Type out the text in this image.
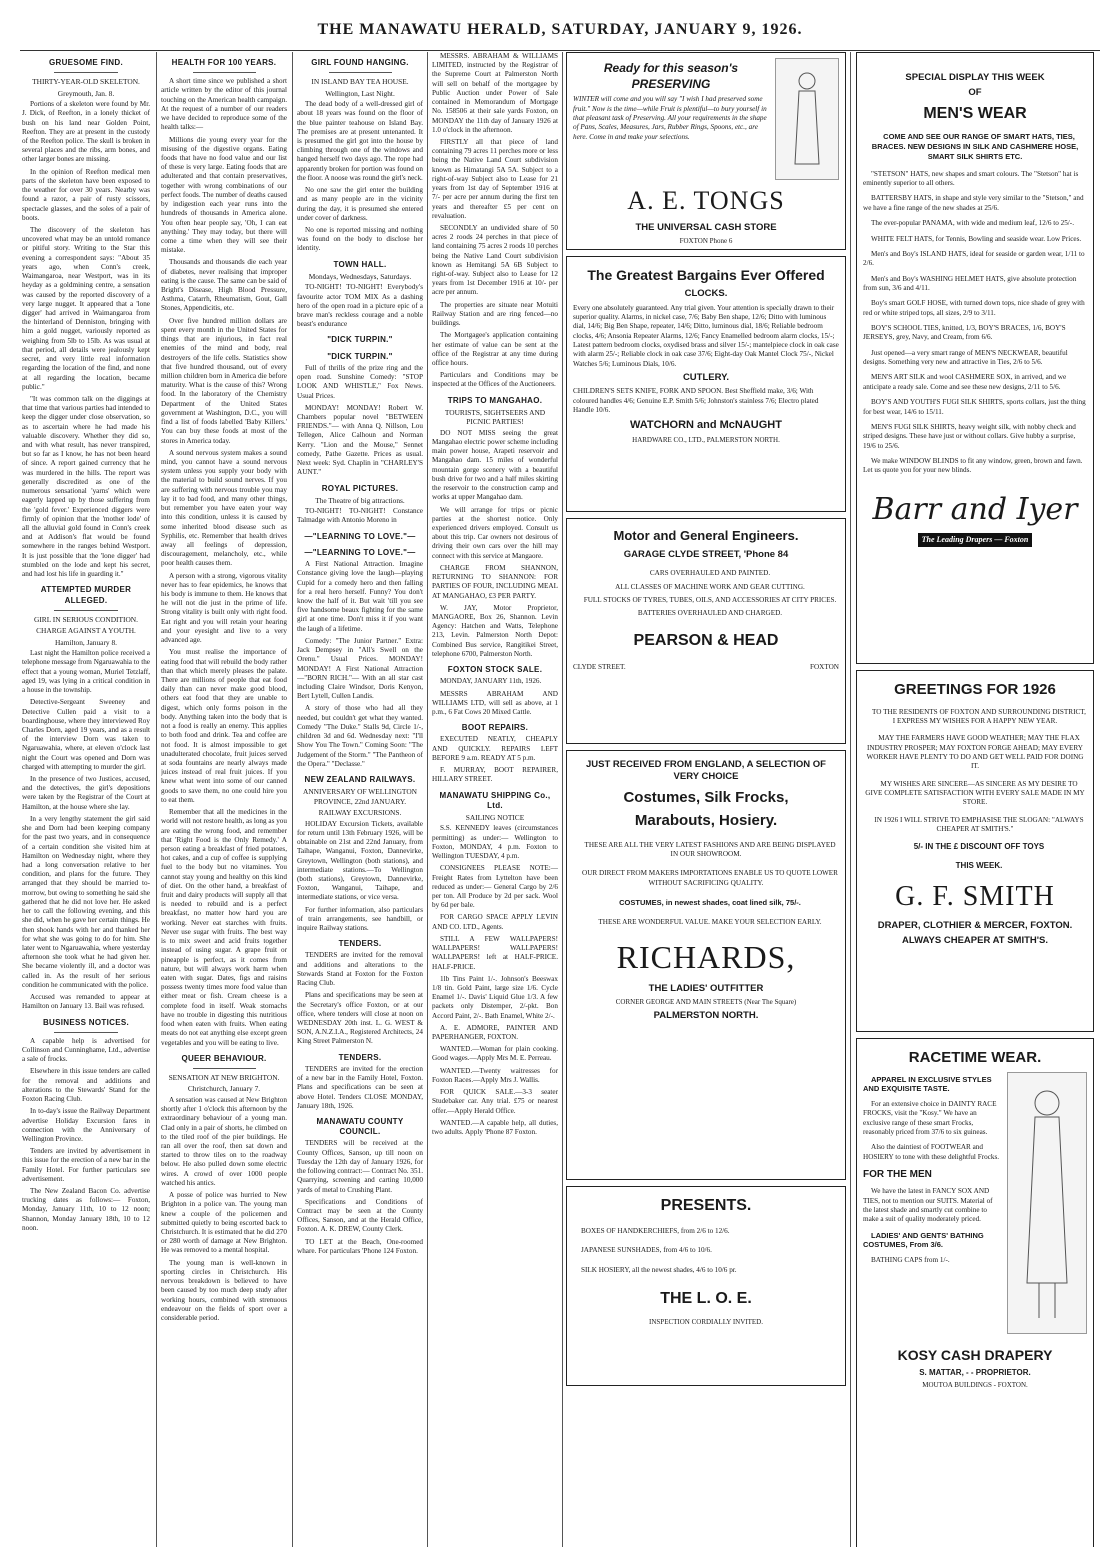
THE MANAWATU HERALD, SATURDAY, JANUARY 9, 1926.
GRUESOME FIND.
THIRTY-YEAR-OLD SKELETON.
Greymouth, Jan. 8.

Portions of a skeleton were found by Mr. J. Dick, of Reefton, in a lonely thicket of bush on his land near Golden Point, Reefton. They are at present in the custody of the Reefton police. The skull is broken in several places and the ribs, arm bones, and other larger bones are missing.

In the opinion of Reefton medical men parts of the skeleton have been exposed to the weather for over 30 years. Nearby was found a razor, a pair of rusty scissors, spectacle glasses, and the soles of a pair of boots.

The discovery of the skeleton has uncovered what may be an untold romance or pitiful story. Writing to the Star this evening a correspondent says: "About 35 years ago, when Conn's creek, Waimangaroa, near Westport, was in its heyday as a goldmining centre, a sensation was caused by the reported discovery of a very large nugget. It appeared that a 'lone digger' had arrived in Waimangaroa from the hinterland of Denniston, bringing with him a gold nugget, variously reported as weighing from 5lb to 15lb. As was usual at that period, all details were jealously kept secret, and very little real information regarding the location of the find, and none at all regarding the location, became public."

"It was common talk on the diggings at that time that various parties had intended to keep the digger under close observation, so as to ascertain where he had made his valuable discovery. Whether they did so, and with what result, has never transpired, but so far as I know, he has not been heard of since. A report gained currency that he was murdered in the hills. The report was generally discredited as one of the numerous sensational 'yarns' which were eagerly lapped up by those suffering from the 'gold fever.' Experienced diggers were firmly of opinion that the 'mother lode' of all the alluvial gold found in Conn's creek and at Addison's flat would be found somewhere in the ranges behind Westport. It is just possible that the 'lone digger' had stumbled on the lode and kept his secret, and had lost his life in guarding it."

ATTEMPTED MURDER ALLEGED.
GIRL IN SERIOUS CONDITION.
CHARGE AGAINST A YOUTH.
Hamilton, January 8.

Last night the Hamilton police received a telephone message from Ngaruawahia to the effect that a young woman, Muriel Tetzlaff, aged 19, was lying in a critical condition in a house in the township.

Detective-Sergeant Sweeney and Detective Cullen paid a visit to a boardinghouse, where they interviewed Roy Charles Dorn, aged 19 years, and as a result of the interview Dorn was taken to Ngaruawahia, where, at eleven o'clock last night the Court was opened and Dorn was charged with attempting to murder the girl.

In the presence of two Justices, accused, and the detectives, the girl's depositions were taken by the Registrar of the Court at Hamilton, at the house where she lay.

In a very lengthy statement the girl said she and Dorn had been keeping company for the past two years, and in consequence of a certain condition she visited him at Hamilton on Wednesday night, where they had a long conversation relative to her condition, and plans for the future. They arranged that they should be married to-morrow, but owing to something he said she gathered that he did not love her. He asked her to call the following evening, and this she did, when he gave her certain things. He then shook hands with her and thanked her for what she was going to do for him. She later went to Ngaruawahia, where yesterday afternoon she took what he had given her. She became violently ill, and a doctor was called in. As the result of her serious condition he communicated with the police.

Accused was remanded to appear at Hamilton on January 13. Bail was refused.

BUSINESS NOTICES.

A capable help is advertised for Collinson and Cunninghame, Ltd., advertise a sale of frocks.

Elsewhere in this issue tenders are called for the removal and additions and alterations to the Stewards' Stand for the Foxton Racing Club.

In to-day's issue the Railway Department advertise Holiday Excursion fares in connection with the Anniversary of Wellington Province.

Tenders are invited by advertisement in this issue for the erection of a new bar in the Family Hotel. For further particulars see advertisement.

The New Zealand Bacon Co. advertise trucking dates as follows:— Foxton, Monday, January 11th, 10 to 12 noon; Shannon, Monday January 18th, 10 to 12 noon.

HEALTH FOR 100 YEARS.

A short time since we published a short article written by the editor of this journal touching on the American health campaign. At the request of a number of our readers we have decided to reproduce some of the health talks:—

Millions die young every year for the misusing of the digestive organs. Eating foods that have no food value and our list of these is very large. Eating foods that are adulterated and that contain preservatives, together with wrong combinations of our perfect foods. The number of deaths caused by indigestion each year runs into the hundreds of thousands in America alone. You often hear people say, 'Oh, I can eat anything.' They may today, but there will come a time when they will see their mistake.

Thousands and thousands die each year of diabetes, never realising that improper eating is the cause. The same can be said of Bright's Disease, High Blood Pressure, Asthma, Catarrh, Rheumatism, Gout, Gall Stones, Appendicitis, etc.

Over five hundred million dollars are spent every month in the United States for things that are injurious, in fact real enemies of the mind and body, real destroyers of the life cells. Statistics show that five hundred thousand, out of every million children born in America die before maturity. What is the cause of this? Wrong food. In the laboratory of the Chemistry Department of the United States government at Washington, D.C., you will find a list of foods labelled 'Baby Killers.' You can buy these foods at most of the stores in America today.

A sound nervous system makes a sound mind, you cannot have a sound nervous system unless you supply your body with the material to build sound nerves. If you are suffering with nervous trouble you may lay it to bad food, and many other things, but remember you have eaten your way into this condition, unless it is caused by some inherited blood disease such as Syphilis, etc. Remember that health drives away all feelings of depression, discouragement, melancholy, etc., while poor health causes them.

A person with a strong, vigorous vitality never has to fear epidemics, he knows that his body is immune to them. He knows that he will not die just in the prime of life. Strong vitality is built only with right food. Eat right and you will retain your hearing and your eyesight and live to a very advanced age.

You must realise the importance of eating food that will rebuild the body rather than that which merely pleases the palate. There are millions of people that eat food daily than can never make good blood, others eat food that they are unable to digest, which only forms poison in the body. Anything taken into the body that is not a food is really an enemy. This applies to both food and drink. Tea and coffee are not food. It is almost impossible to get unadulterated chocolate, fruit juices served at soda fountains are nearly always made juices instead of real fruit juices. If you knew what went into some of our canned goods to save them, no one could hire you to eat them.

Remember that all the medicines in the world will not restore health, as long as you are eating the wrong food, and remember that 'Right Food is the Only Remedy.' A person eating a breakfast of fried potatoes, hot cakes, and a cup of coffee is supplying fuel to the body but no vitamines. You cannot stay young and healthy on this kind of diet. On the other hand, a breakfast of fruit and dairy products will supply all that is needed to rebuild and is a perfect breakfast, no matter how hard you are working. Never eat starches with fruits. Never use sugar with fruits. The best way is to mix sweet and acid fruits together instead of using sugar. A grape fruit or pineapple is perfect, as it comes from nature, but will always work harm when eaten with sugar. Dates, figs and raisins possess twenty times more food value than either meat or fish. Cream cheese is a complete food in itself. Weak stomachs have no trouble in digesting this nutritious food when eaten with fruits. When eating meats do not eat anything else except green vegetables and you will be eating to live.

QUEER BEHAVIOUR.
SENSATION AT NEW BRIGHTON.
Christchurch, January 7.

A sensation was caused at New Brighton shortly after 1 o'clock this afternoon by the extraordinary behaviour of a young man. Clad only in a pair of shorts, he climbed on to the tiled roof of the pier buildings. He ran all over the roof, then sat down and started to throw tiles on to the roadway below. He also pulled down some electric wires. A crowd of over 1000 people watched his antics.

A posse of police was hurried to New Brighton in a police van. The young man knew a couple of the policemen and submitted quietly to being escorted back to Christchurch. It is estimated that he did 270 or 280 worth of damage at New Brighton. He was removed to a mental hospital.

The young man is well-known in sporting circles in Christchurch. His nervous breakdown is believed to have been caused by too much deep study after working hours, combined with strenuous endeavour on the fields of sport over a considerable period.

GIRL FOUND HANGING.
IN ISLAND BAY TEA HOUSE.
Wellington, Last Night.

The dead body of a well-dressed girl of about 18 years was found on the floor of the blue painter teahouse on Island Bay. The premises are at present untenanted. It is presumed the girl got into the house by climbing through one of the windows and hanged herself two days ago. The rope had apparently broken for portion was found on the floor. A noose was round the girl's neck.

No one saw the girl enter the building and as many people are in the vicinity during the day, it is presumed she entered under cover of darkness.

No one is reported missing and nothing was found on the body to disclose her identity.

TOWN HALL.
Mondays, Wednesdays, Saturdays.

TO-NIGHT! TO-NIGHT! Everybody's favourite actor TOM MIX As a dashing hero of the open road in a picture epic of a brave man's reckless courage and a noble beast's endurance

"DICK TURPIN."
"DICK TURPIN."

Full of thrills of the prize ring and the open road. Sunshine Comedy: "STOP LOOK AND WHISTLE," Fox News. Usual Prices.

MONDAY! MONDAY! Robert W. Chambers popular novel "BETWEEN FRIENDS."— with Anna Q. Nillson, Lou Tellegen, Alice Calhoun and Norman Kerry. "Lion and the Mouse," Sennet comedy, Pathe Gazette. Prices as usual. Next week: Syd. Chaplin in "CHARLEY'S AUNT."

ROYAL PICTURES.
The Theatre of big attractions.

TO-NIGHT! TO-NIGHT! Constance Talmadge with Antonio Moreno in

—"LEARNING TO LOVE."—
—"LEARNING TO LOVE."—

A First National Attraction. Imagine Constance giving love the laugh—playing Cupid for a comedy hero and then falling for a real hero herself. Funny? You don't know the half of it. But wait 'till you see five handsome beaux fighting for the same girl at one time. Don't miss it if you want the laugh of a lifetime.

Comedy: "The Junior Partner." Extra: Jack Dempsey in "All's Swell on the Orenu." Usual Prices. MONDAY! MONDAY! A First National Attraction —"BORN RICH."— With an all star cast including Claire Windsor, Doris Kenyon, Bert Lytell, Cullen Landis.

A story of those who had all they needed, but couldn't get what they wanted. Comedy "The Duke." Stalls 9d, Circle 1/-, children 3d and 6d. Wednesday next: "I'll Show You The Town." Coming Soon: "The Judgement of the Storm." "The Pantheon of the Opera." "Declasse."

NEW ZEALAND RAILWAYS.
ANNIVERSARY OF WELLINGTON PROVINCE, 22nd JANUARY.
RAILWAY EXCURSIONS.

HOLIDAY Excursion Tickets, available for return until 13th February 1926, will be obtainable on 21st and 22nd January, from Taihape, Wanganui, Foxton, Dannevirke, Greytown, Wellington (both stations), and intermediate stations.—To Wellington (both stations), Greytown, Dannevirke, Foxton, Wanganui, Taihape, and intermediate stations, or vice versa.

For further information, also particulars of train arrangements, see handbill, or inquire Railway stations.

TENDERS.

TENDERS are invited for the removal and additions and alterations to the Stewards Stand at Foxton for the Foxton Racing Club.

Plans and specifications may be seen at the Secretary's office Foxton, or at our office, where tenders will close at noon on WEDNESDAY 20th inst. L. G. WEST & SON, A.N.Z.I.A., Registered Architects, 24 King Street Palmerston N.

TENDERS.

TENDERS are invited for the erection of a new bar in the Family Hotel, Foxton. Plans and specifications can be seen at above Hotel. Tenders CLOSE MONDAY, January 18th, 1926.

MANAWATU COUNTY COUNCIL.

TENDERS will be received at the County Offices, Sanson, up till noon on Tuesday the 12th day of January 1926, for the following contract:— Contract No. 351. Quarrying, screening and carting 10,000 yards of metal to Crushing Plant.

Specifications and Conditions of Contract may be seen at the County Offices, Sanson, and at the Herald Office, Foxton. A. K. DREW, County Clerk.

TO LET at the Beach, One-roomed whare. For particulars 'Phone 124 Foxton.

MESSRS. ABRAHAM & WILLIAMS LIMITED, instructed by the Registrar of the Supreme Court at Palmerston North will sell on behalf of the mortgagee by Public Auction under Power of Sale contained in Memorandum of Mortgage No. 158506 at their sale yards Foxton, on MONDAY the 11th day of January 1926 at 1.0 o'clock in the afternoon.

FIRSTLY all that piece of land containing 79 acres 11 perches more or less being the Native Land Court subdivision known as Himatangi 5A 5A. Subject to a right-of-way Subject also to Lease for 21 years from 1st day of September 1916 at 7/- per acre per annum during the first ten years and thereafter £5 per cent on revaluation.

SECONDLY an undivided share of 50 acres 2 roods 24 perches in that piece of land containing 75 acres 2 roods 10 perches being the Native Land Court subdivision known as Hemitangi 5A 6B Subject to right-of-way. Subject also to Lease for 12 years from 1st December 1916 at 10/- per acre per annum.

The properties are situate near Motuiti Railway Station and are ring fenced—no buildings.

The Mortgagee's application containing her estimate of value can be sent at the office of the Registrar at any time during office hours.

Particulars and Conditions may be inspected at the Offices of the Auctioneers.

TRIPS TO MANGAHAO.
TOURISTS, SIGHTSEERS AND PICNIC PARTIES!

DO NOT MISS seeing the great Mangahao electric power scheme including main power house, Arapeti reservoir and Mangahao dam. 15 miles of wonderful mountain gorge scenery with a beautiful bush drive for two and a half miles skirting the reservoir to the construction camp and works at upper Mangahao dam.

We will arrange for trips or picnic parties at the shortest notice. Only experienced drivers employed. Consult us about this trip. Car owners not desirous of driving their own cars over the hill may connect with this service at Mangaore.

CHARGE FROM SHANNON, RETURNING TO SHANNON: FOR PARTIES OF FOUR, INCLUDING MEAL AT MANGAHAO, £3 PER PARTY.

W. JAY, Motor Proprietor, MANGAORE, Box 26, Shannon. Levin Agency: Hatchen and Watts, Telephone 213, Levin. Palmerston North Depot: Combined Bus service, Rangitikei Street, telephone 6700, Palmerston North.

FOXTON STOCK SALE.

MONDAY, JANUARY 11th, 1926.

MESSRS ABRAHAM AND WILLIAMS LTD, will sell as above, at 1 p.m., 6 Fat Cows 20 Mixed Cattle.

BOOT REPAIRS.

EXECUTED NEATLY, CHEAPLY AND QUICKLY. REPAIRS LEFT BEFORE 9 a.m. READY AT 5 p.m.

F. MURRAY, BOOT REPAIRER, HILLARY STREET.

MANAWATU SHIPPING Co., Ltd.
SAILING NOTICE

S.S. KENNEDY leaves (circumstances permitting) as under:— Wellington to Foxton, MONDAY, 4 p.m. Foxton to Wellington TUESDAY, 4 p.m.

CONSIGNEES PLEASE NOTE:— Freight Rates from Lyttelton have been reduced as under:— General Cargo by 2/6 per ton. All Produce by 2d per sack. Wool by 6d per bale.

FOR CARGO SPACE APPLY LEVIN AND CO. LTD., Agents.

STILL A FEW WALLPAPERS! WALLPAPERS! WALLPAPERS! WALLPAPERS! left at HALF-PRICE. HALF-PRICE.

1lb Tins Paint 1/-. Johnson's Beeswax 1/8 tin. Gold Paint, large size 1/6. Cycle Enamel 1/-. Davis' Liquid Glue 1/3. A few packets only Distemper, 2/-pkt. Bon Accord Paint, 2/-. Bath Enamel, White 2/-.

A. E. ADMORE, PAINTER AND PAPERHANGER, FOXTON.

WANTED.—Woman for plain cooking. Good wages.—Apply Mrs M. E. Perreau.

WANTED.—Twenty waitresses for Foxton Races.—Apply Mrs J. Wallis.

FOR QUICK SALE.—3-3 seater Studebaker car. Any trial. £75 or nearest offer.—Apply Herald Office.

WANTED.—A capable help, all duties, two adults. Apply 'Phone 87 Foxton.

Ready for this season's PRESERVING
WINTER will come and you will say "I wish I had preserved some fruit." Now is the time—while Fruit is plentiful—to bury yourself in that pleasant task of Preserving. All your requirements in the shape of Pans, Scales, Measures, Jars, Rubber Rings, Spoons, etc., are here. Come in and make your selections.
A. E. TONGS
THE UNIVERSAL CASH STORE
FOXTON Phone 6
The Greatest Bargains Ever Offered
CLOCKS.
Every one absolutely guaranteed. Any trial given. Your attention is specially drawn to their superior quality. Alarms, in nickel case, 7/6; Baby Ben shape, 12/6; Ditto with luminous dial, 14/6; Big Ben Shape, repeater, 14/6; Ditto, luminous dial, 18/6; Reliable bedroom clocks, 4/6; Ansonia Repeater Alarms, 12/6; Fancy Enamelled bedroom alarm clocks, 15/-; Latest pattern bedroom clocks, oxydised brass and silver 15/-; mantelpiece clock in oak case with alarm 25/-; Reliable clock in oak case 37/6; Eight-day Oak Mantel Clock 75/-, Nickel Watches 5/6; Luminous Dials, 10/6.
CUTLERY.
CHILDREN'S SETS KNIFE, FORK AND SPOON. Best Sheffield make, 3/6; With coloured handles 4/6; Genuine E.P. Smith 5/6; Johnston's stainless 7/6; Electro plated Handle 10/6.
WATCHORN and McNAUGHT
HARDWARE CO., LTD., PALMERSTON NORTH.
Motor and General Engineers.
GARAGE CLYDE STREET, 'Phone 84

CARS OVERHAULED AND PAINTED.

ALL CLASSES OF MACHINE WORK AND GEAR CUTTING.

FULL STOCKS OF TYRES, TUBES, OILS, AND ACCESSORIES AT CITY PRICES.

BATTERIES OVERHAULED AND CHARGED.

PEARSON & HEAD
CLYDE STREET.	FOXTON
JUST RECEIVED FROM ENGLAND, A SELECTION OF VERY CHOICE
Costumes, Silk Frocks,
Marabouts, Hosiery.

THESE ARE ALL THE VERY LATEST FASHIONS AND ARE BEING DISPLAYED IN OUR SHOWROOM.

OUR DIRECT FROM MAKERS IMPORTATIONS ENABLE US TO QUOTE LOWER WITHOUT SACRIFICING QUALITY.

COSTUMES, in newest shades, coat lined silk, 75/-.

THESE ARE WONDERFUL VALUE. MAKE YOUR SELECTION EARLY.

RICHARDS,
THE LADIES' OUTFITTER
CORNER GEORGE AND MAIN STREETS (Near The Square)
PALMERSTON NORTH.
PRESENTS.

BOXES OF HANDKERCHIEFS, from 2/6 to 12/6.

JAPANESE SUNSHADES, from 4/6 to 10/6.

SILK HOSIERY, all the newest shades, 4/6 to 10/6 pr.

THE L. O. E.
INSPECTION CORDIALLY INVITED.
SPECIAL DISPLAY THIS WEEK
OF
MEN'S WEAR

COME AND SEE OUR RANGE OF SMART HATS, TIES, BRACES. NEW DESIGNS IN SILK AND CASHMERE HOSE, SMART SILK SHIRTS ETC.

"STETSON" HATS, new shapes and smart colours. The "Stetson" hat is eminently superior to all others.

BATTERSBY HATS, in shape and style very similar to the "Stetson," and we have a fine range of the new shades at 25/6.

The ever-popular PANAMA, with wide and medium leaf, 12/6 to 25/-.

WHITE FELT HATS, for Tennis, Bowling and seaside wear. Low Prices.

Men's and Boy's ISLAND HATS, ideal for seaside or garden wear, 1/11 to 2/6.

Men's and Boy's WASHING HELMET HATS, give absolute protection from sun, 3/6 and 4/11.

Boy's smart GOLF HOSE, with turned down tops, nice shade of grey with red or white striped tops, all sizes, 2/9 to 3/11.

BOY'S SCHOOL TIES, knitted, 1/3, BOY'S BRACES, 1/6, BOY'S JERSEYS, grey, Navy, and Cream, from 6/6.

Just opened—a very smart range of MEN'S NECKWEAR, beautiful designs. Something very new and attractive in Ties, 2/6 to 5/6.

MEN'S ART SILK and wool CASHMERE SOX, in arrived, and we anticipate a ready sale. Come and see these new designs, 2/11 to 5/6.

BOY'S AND YOUTH'S FUGI SILK SHIRTS, sports collars, just the thing for best wear, 14/6 to 15/11.

MEN'S FUGI SILK SHIRTS, heavy weight silk, with nobby check and striped designs. These have just or without collars. Give hubby a surprise, 19/6 to 25/6.

We make WINDOW BLINDS to fit any window, green, brown and fawn. Let us quote you for your new blinds.

Barr and Iyer
The Leading Drapers — Foxton
GREETINGS FOR 1926

TO THE RESIDENTS OF FOXTON AND SURROUNDING DISTRICT, I EXPRESS MY WISHES FOR A HAPPY NEW YEAR.

MAY THE FARMERS HAVE GOOD WEATHER; MAY THE FLAX INDUSTRY PROSPER; MAY FOXTON FORGE AHEAD; MAY EVERY WORKER HAVE PLENTY TO DO AND GET WELL PAID FOR DOING IT.

MY WISHES ARE SINCERE—AS SINCERE AS MY DESIRE TO GIVE COMPLETE SATISFACTION WITH EVERY SALE MADE IN MY STORE.

IN 1926 I WILL STRIVE TO EMPHASISE THE SLOGAN: "ALWAYS CHEAPER AT SMITH'S."

5/- IN THE £ DISCOUNT OFF TOYS

THIS WEEK.

G. F. SMITH
DRAPER, CLOTHIER & MERCER, FOXTON.
ALWAYS CHEAPER AT SMITH'S.
RACETIME WEAR.

APPAREL IN EXCLUSIVE STYLES AND EXQUISITE TASTE.

For an extensive choice in DAINTY RACE FROCKS, visit the "Kosy." We have an exclusive range of these smart Frocks, reasonably priced from 37/6 to six guineas.

Also the daintiest of FOOTWEAR and HOSIERY to tone with these delightful Frocks.

FOR THE MEN

We have the latest in FANCY SOX AND TIES, not to mention our SUITS. Material of the latest shade and smartly cut combine to make a suit of quality moderately priced.

LADIES' AND GENTS' BATHING COSTUMES, From 3/6.

BATHING CAPS from 1/-.

KOSY CASH DRAPERY
S. MATTAR, - - PROPRIETOR.
MOUTOA BUILDINGS - FOXTON.
